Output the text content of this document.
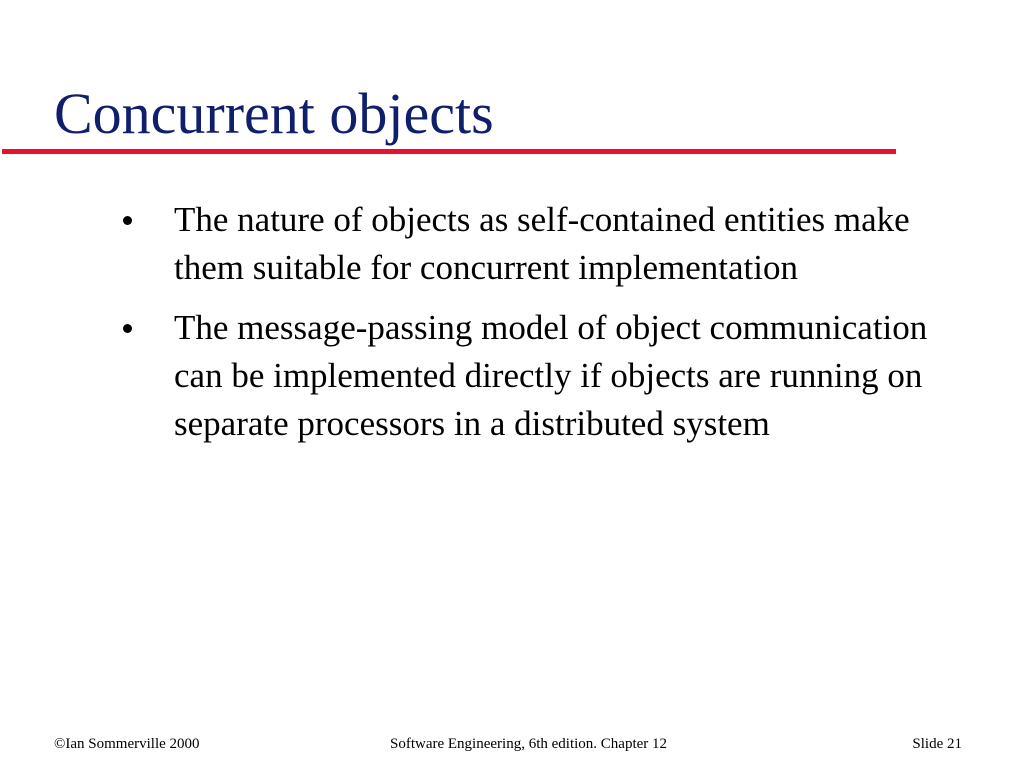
Concurrent objects
The nature of objects as self-contained entities make them suitable for concurrent implementation
The message-passing model of object communication can be implemented directly if objects are running on separate processors in a distributed system
©Ian Sommerville 2000	Software Engineering, 6th edition. Chapter 12	Slide 21
